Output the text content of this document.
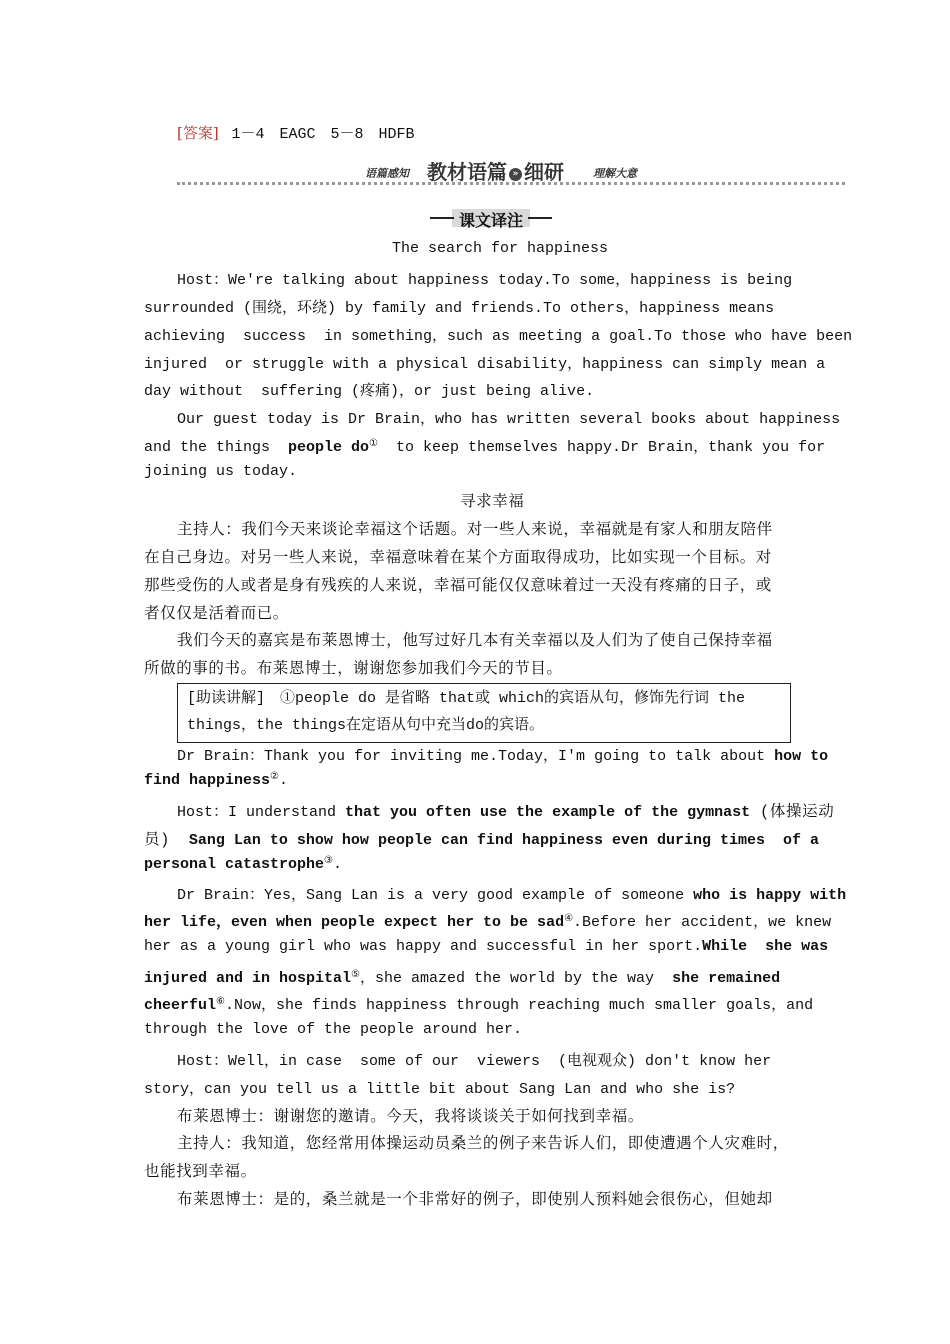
[答案] 1－4　EAGC　5－8　HDFB
语篇感知 教材语篇 » 细研	理解大意
课文译注
The search for happiness
Host：We're talking about happiness today.To some，happiness is being
surrounded (围绕，环绕) by family and friends.To others，happiness means
achieving  success  in something，such as meeting a goal.To those who have been
injured  or struggle with a physical disability，happiness can simply mean a
day without  suffering (疼痛)，or just being alive.
Our guest today is Dr Brain，who has written several books about happiness
and the things  people do①  to keep themselves happy.Dr Brain，thank you for
joining us today.
寻求幸福
主持人：我们今天来谈论幸福这个话题。对一些人来说，幸福就是有家人和朋友陪伴
在自己身边。对另一些人来说，幸福意味着在某个方面取得成功，比如实现一个目标。对
那些受伤的人或者是身有残疾的人来说，幸福可能仅仅意味着过一天没有疼痛的日子，或
者仅仅是活着而已。
我们今天的嘉宾是布莱恩博士，他写过好几本有关幸福以及人们为了使自己保持幸福
所做的事的书。布莱恩博士，谢谢您参加我们今天的节目。
[助读讲解]　①people do 是省略 that或 which的宾语从句，修饰先行词 the
things，the things在定语从句中充当do的宾语。
Dr Brain：Thank you for inviting me.Today，I'm going to talk about how to
find happiness②.
Host：I understand that you often use the example of the gymnast (体操运动
员)  Sang Lan to show how people can find happiness even during times  of a
personal catastrophe③.
Dr Brain：Yes，Sang Lan is a very good example of someone who is happy with
her life，even when people expect her to be sad④.Before her accident，we knew
her as a young girl who was happy and successful in her sport.While  she was
injured and in hospital⑤，she amazed the world by the way  she remained
cheerful⑥.Now，she finds happiness through reaching much smaller goals，and
through the love of the people around her.
Host：Well，in case  some of our  viewers  (电视观众) don't know her
story，can you tell us a little bit about Sang Lan and who she is?
布莱恩博士：谢谢您的邀请。今天，我将谈谈关于如何找到幸福。
主持人：我知道，您经常用体操运动员桑兰的例子来告诉人们，即使遭遇个人灾难时，
也能找到幸福。
布莱恩博士：是的，桑兰就是一个非常好的例子，即使别人预料她会很伤心，但她却
